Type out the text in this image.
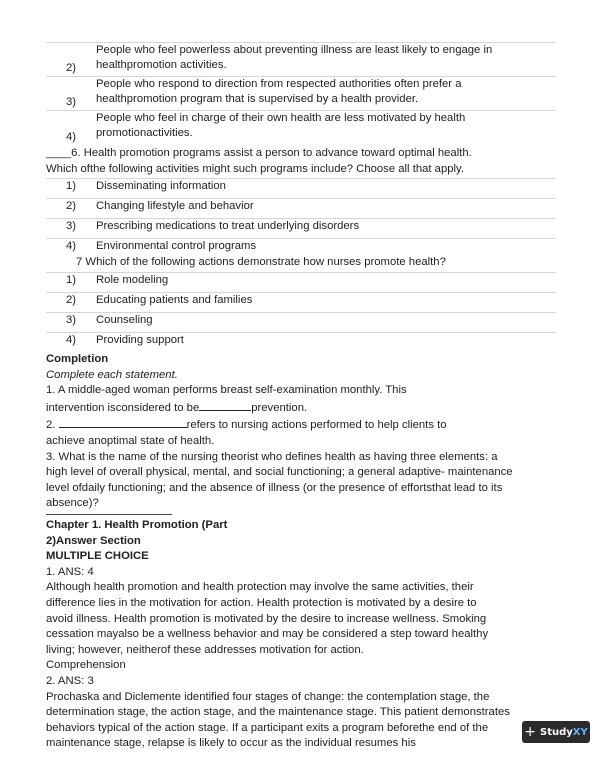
2)	People who feel powerless about preventing illness are least likely to engage in
healthpromotion activities.
3)	People who respond to direction from respected authorities often prefer a
healthpromotion program that is supervised by a health provider.
4)	People who feel in charge of their own health are less motivated by health
promotionactivities.
____6. Health promotion programs assist a person to advance toward optimal health.
Which ofthe following activities might such programs include? Choose all that apply.
1)	Disseminating information
2)	Changing lifestyle and behavior
3)	Prescribing medications to treat underlying disorders
4)	Environmental control programs
7 Which of the following actions demonstrate how nurses promote health?
1)	Role modeling
2)	Educating patients and families
3)	Counseling
4)	Providing support
Completion
Complete each statement.
1. A middle-aged woman performs breast self-examination monthly. This
intervention isconsidered to be	prevention.
2.	refers to nursing actions performed to help clients to
achieve anoptimal state of health.
3. What is the name of the nursing theorist who defines health as having three elements: a
high level of overall physical, mental, and social functioning; a general adaptive- maintenance
level ofdaily functioning; and the absence of illness (or the presence of effortsthat lead to its
absence)?
Chapter 1. Health Promotion (Part
2)Answer Section
MULTIPLE CHOICE
1. ANS: 4
Although health promotion and health protection may involve the same activities, their
difference lies in the motivation for action. Health protection is motivated by a desire to
avoid illness. Health promotion is motivated by the desire to increase wellness. Smoking
cessation mayalso be a wellness behavior and may be considered a step toward healthy
living; however, neitherof these addresses motivation for action.
Comprehension
2. ANS: 3
Prochaska and Diclemente identified four stages of change: the contemplation stage, the
determination stage, the action stage, and the maintenance stage. This patient demonstrates
behaviors typical of the action stage. If a participant exits a program beforethe end of the
maintenance stage, relapse is likely to occur as the individual resumes his
+ StudyXY
